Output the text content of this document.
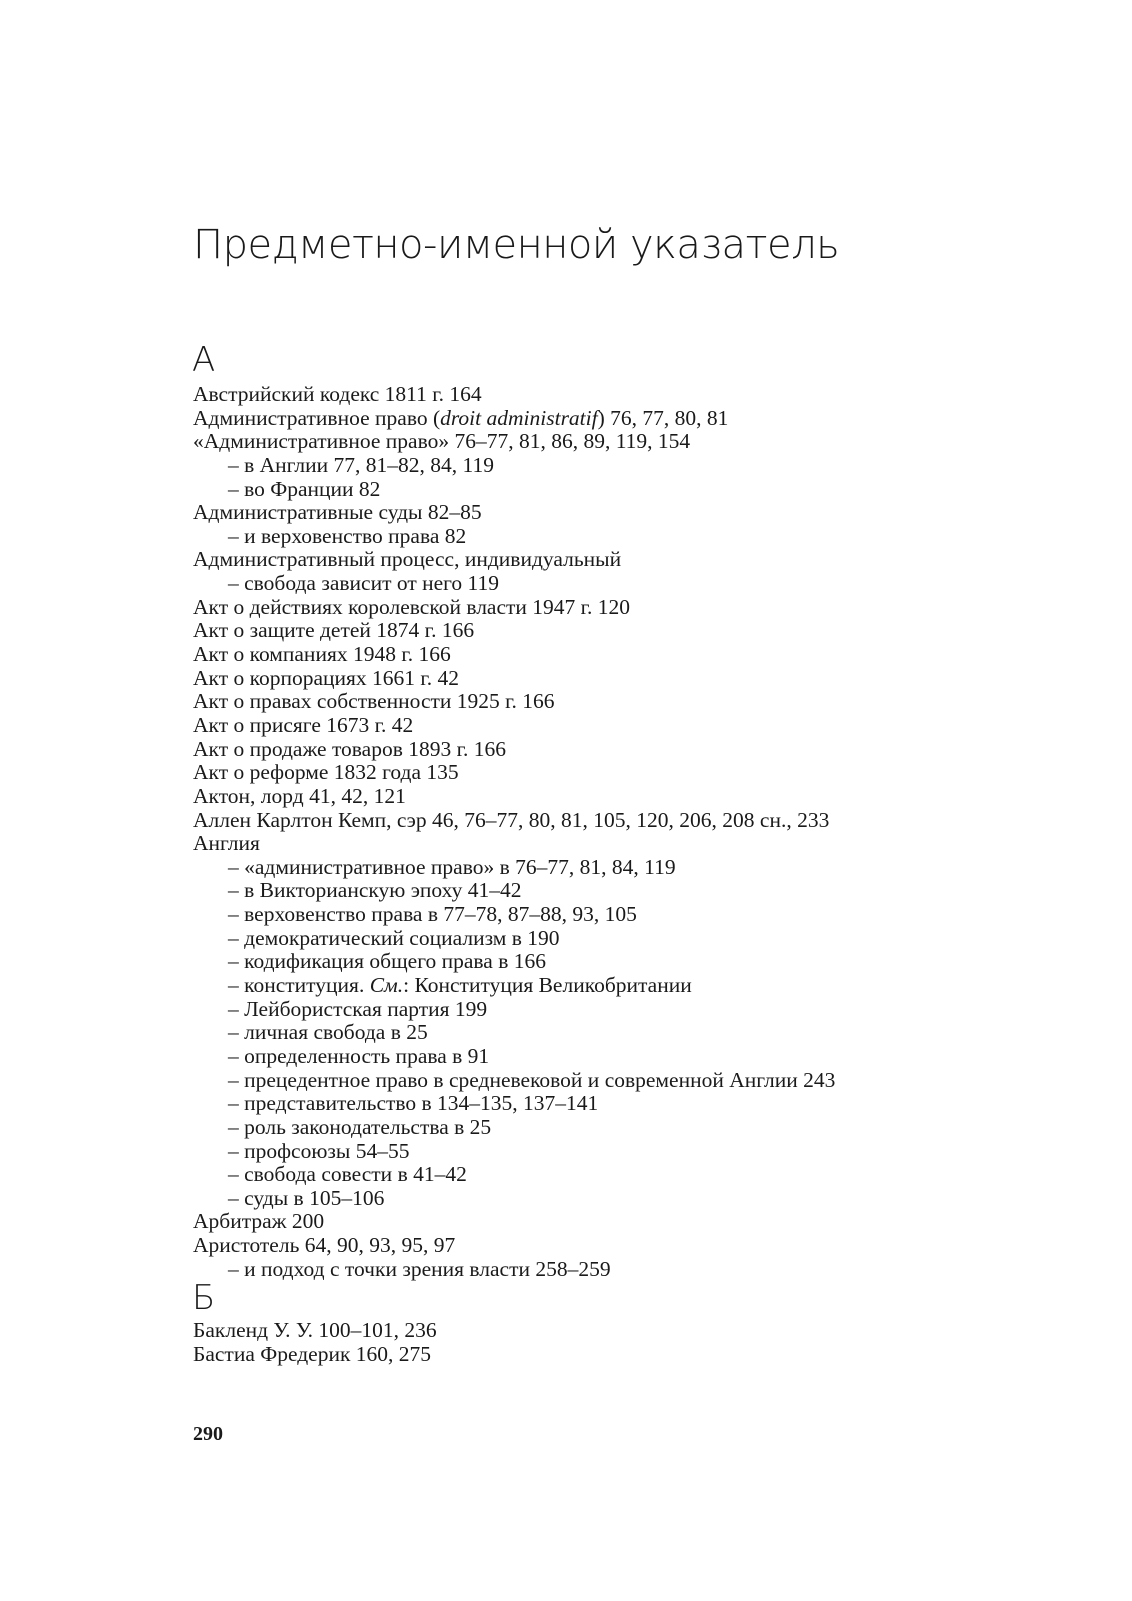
Предметно-именной указатель
А
Австрийский кодекс 1811 г. 164
Административное право (droit administratif) 76, 77, 80, 81
«Административное право» 76–77, 81, 86, 89, 119, 154
– в Англии 77, 81–82, 84, 119
– во Франции 82
Административные суды 82–85
– и верховенство права 82
Административный процесс, индивидуальный
– свобода зависит от него 119
Акт о действиях королевской власти 1947 г. 120
Акт о защите детей 1874 г. 166
Акт о компаниях 1948 г. 166
Акт о корпорациях 1661 г. 42
Акт о правах собственности 1925 г. 166
Акт о присяге 1673 г. 42
Акт о продаже товаров 1893 г. 166
Акт о реформе 1832 года 135
Актон, лорд 41, 42, 121
Аллен Карлтон Кемп, сэр 46, 76–77, 80, 81, 105, 120, 206, 208 сн., 233
Англия
– «административное право» в 76–77, 81, 84, 119
– в Викторианскую эпоху 41–42
– верховенство права в 77–78, 87–88, 93, 105
– демократический социализм в 190
– кодификация общего права в 166
– конституция. См.: Конституция Великобритании
– Лейбористская партия 199
– личная свобода в 25
– определенность права в 91
– прецедентное право в средневековой и современной Англии 243
– представительство в 134–135, 137–141
– роль законодательства в 25
– профсоюзы 54–55
– свобода совести в 41–42
– суды в 105–106
Арбитраж 200
Аристотель 64, 90, 93, 95, 97
– и подход с точки зрения власти 258–259
Б
Бакленд У. У. 100–101, 236
Бастиа Фредерик 160, 275
290
